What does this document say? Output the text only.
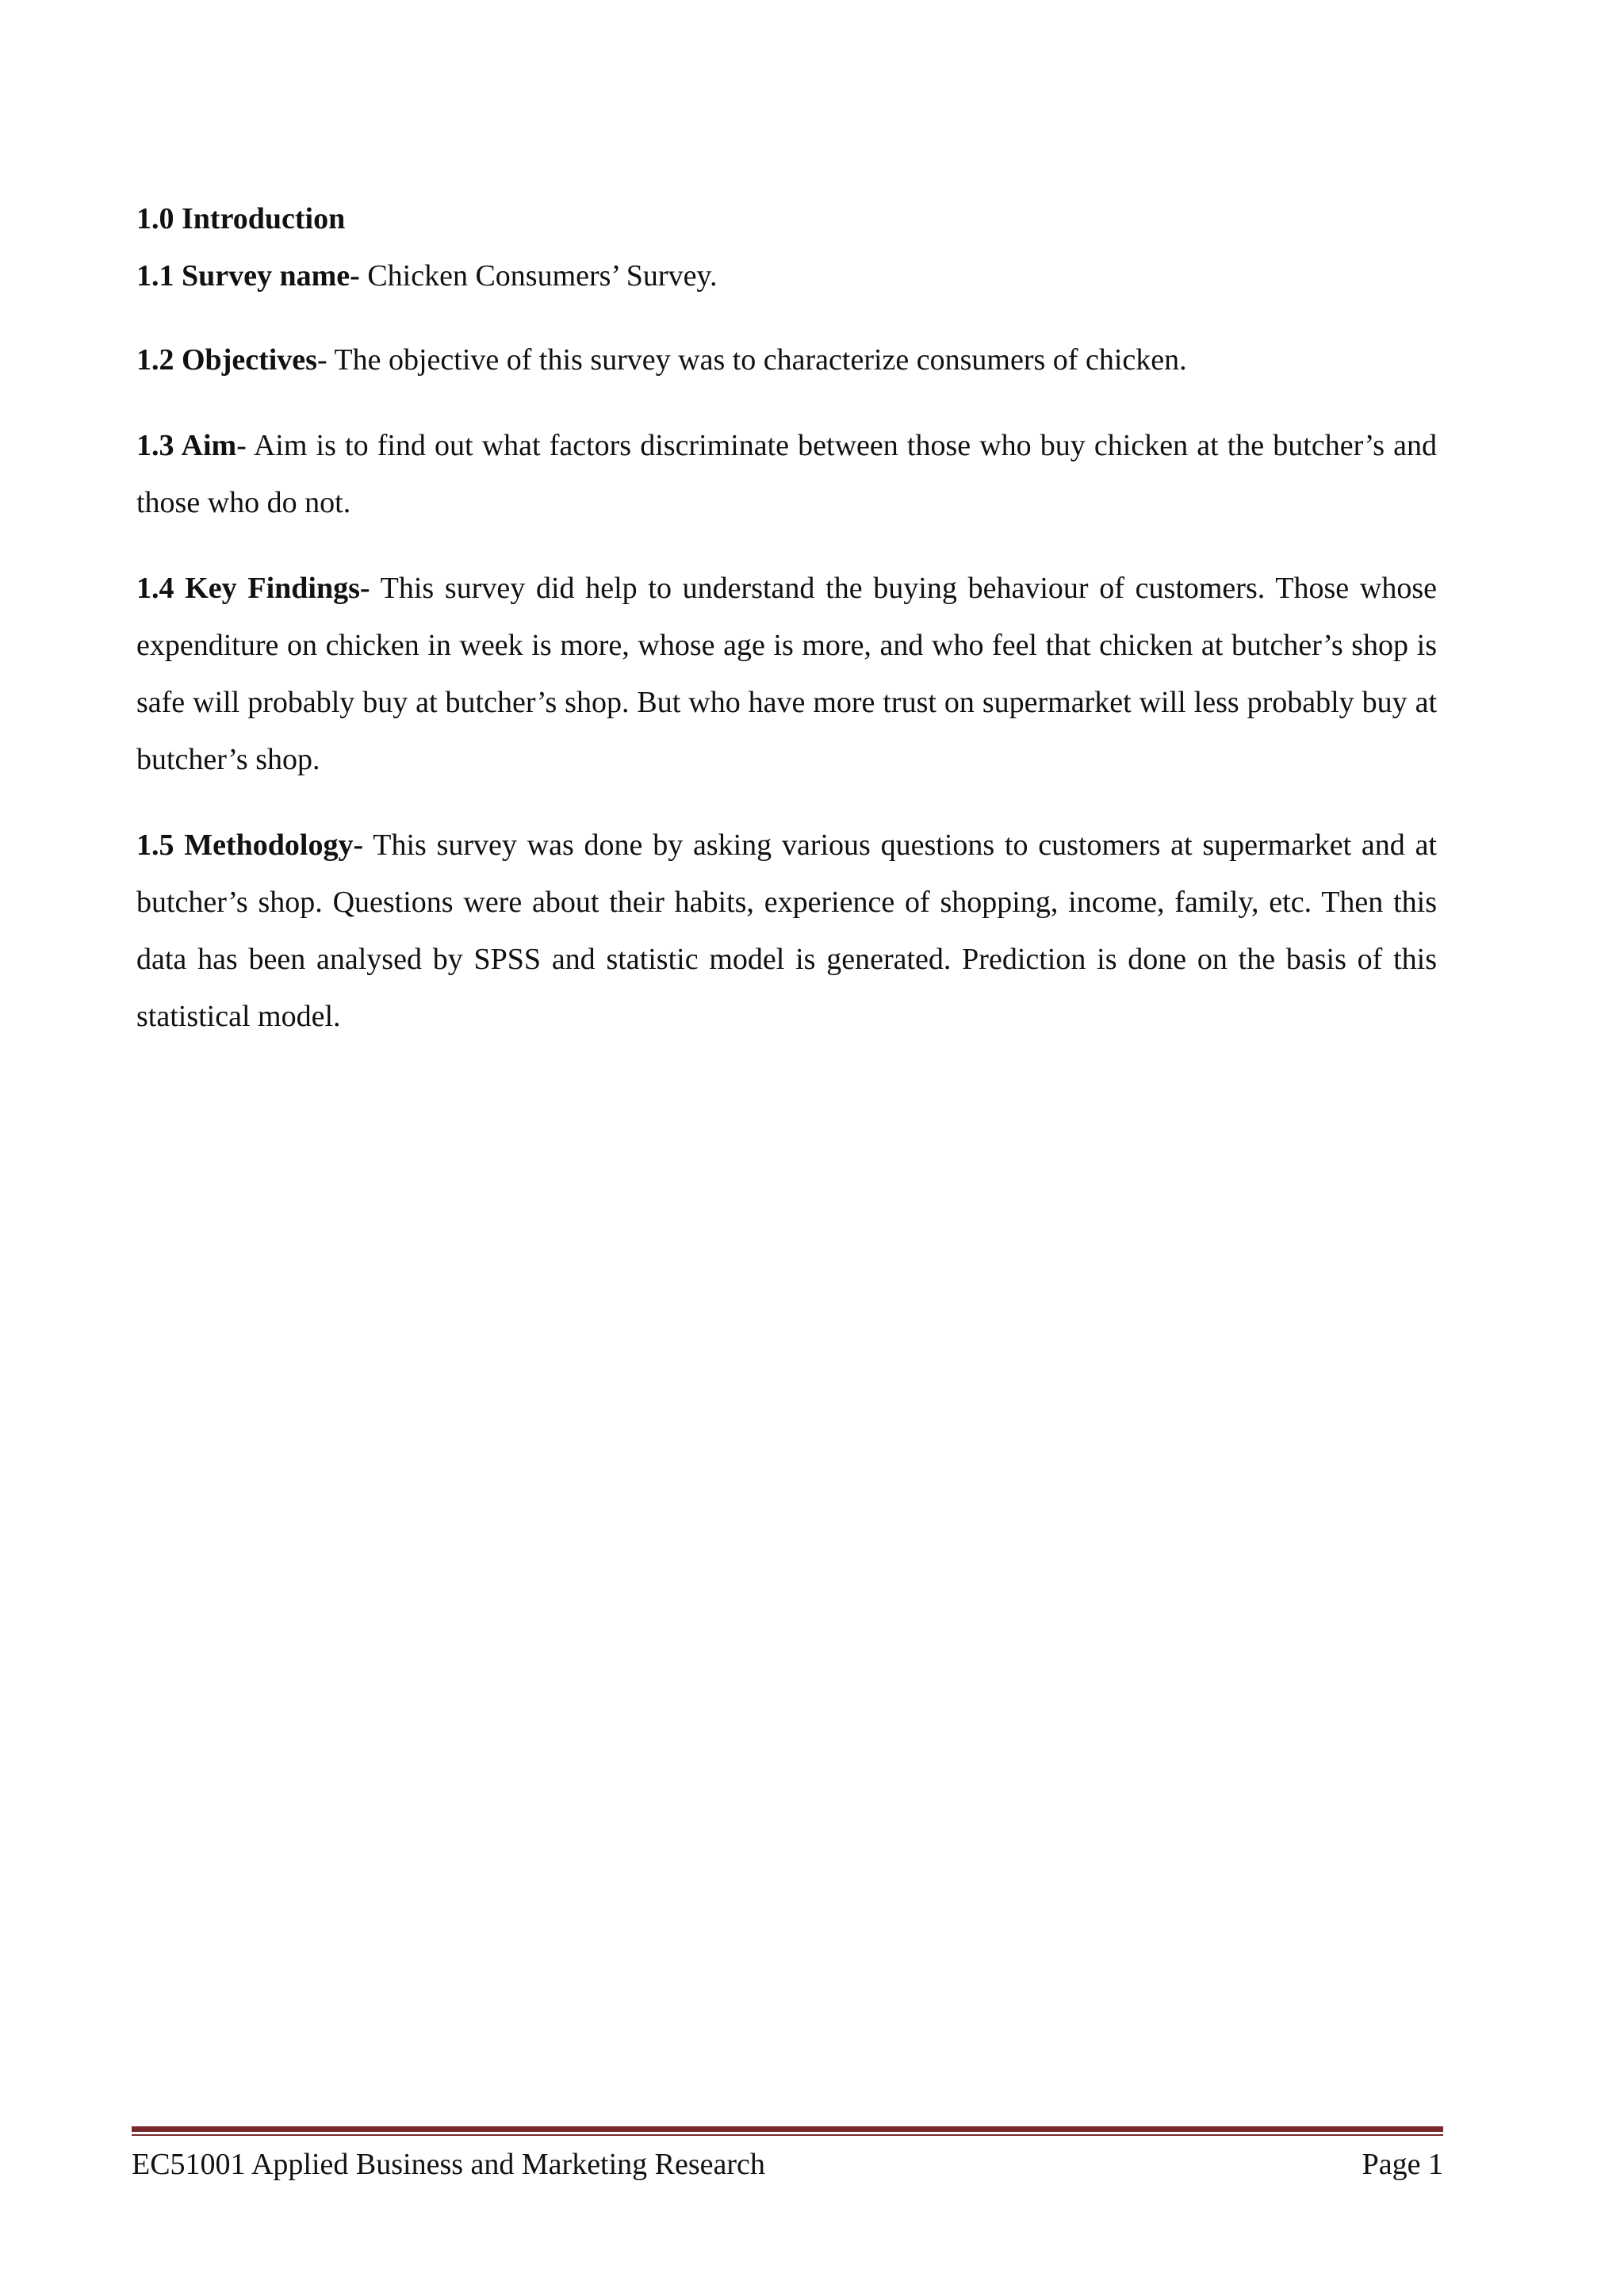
1.0 Introduction

1.1 Survey name- Chicken Consumers’ Survey.

1.2 Objectives- The objective of this survey was to characterize consumers of chicken.

1.3 Aim- Aim is to find out what factors discriminate between those who buy chicken at the butcher’s and those who do not.

1.4 Key Findings- This survey did help to understand the buying behaviour of customers. Those whose expenditure on chicken in week is more, whose age is more, and who feel that chicken at butcher’s shop is safe will probably buy at butcher’s shop. But who have more trust on supermarket will less probably buy at butcher’s shop.

1.5 Methodology- This survey was done by asking various questions to customers at supermarket and at butcher’s shop. Questions were about their habits, experience of shopping, income, family, etc. Then this data has been analysed by SPSS and statistic model is generated. Prediction is done on the basis of this statistical model.

EC51001 Applied Business and Marketing Research	Page 1
